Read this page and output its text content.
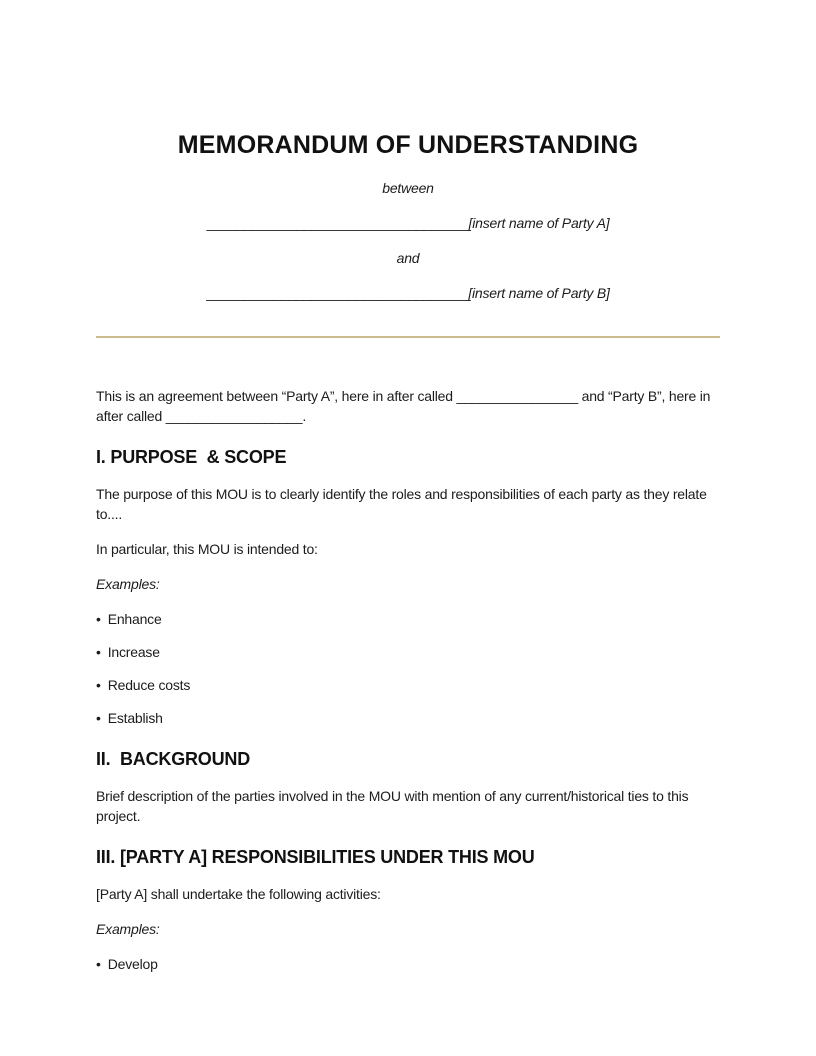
MEMORANDUM OF UNDERSTANDING
between
___________________________________[insert name of Party A]
and
___________________________________[insert name of Party B]
This is an agreement between “Party A”, here in after called ________________ and “Party B”, here in after called __________________.
I. PURPOSE  & SCOPE
The purpose of this MOU is to clearly identify the roles and responsibilities of each party as they relate to....
In particular, this MOU is intended to:
Examples:
• Enhance
• Increase
• Reduce costs
• Establish
II.  BACKGROUND
Brief description of the parties involved in the MOU with mention of any current/historical ties to this project.
III. [PARTY A] RESPONSIBILITIES UNDER THIS MOU
[Party A] shall undertake the following activities:
Examples:
• Develop
